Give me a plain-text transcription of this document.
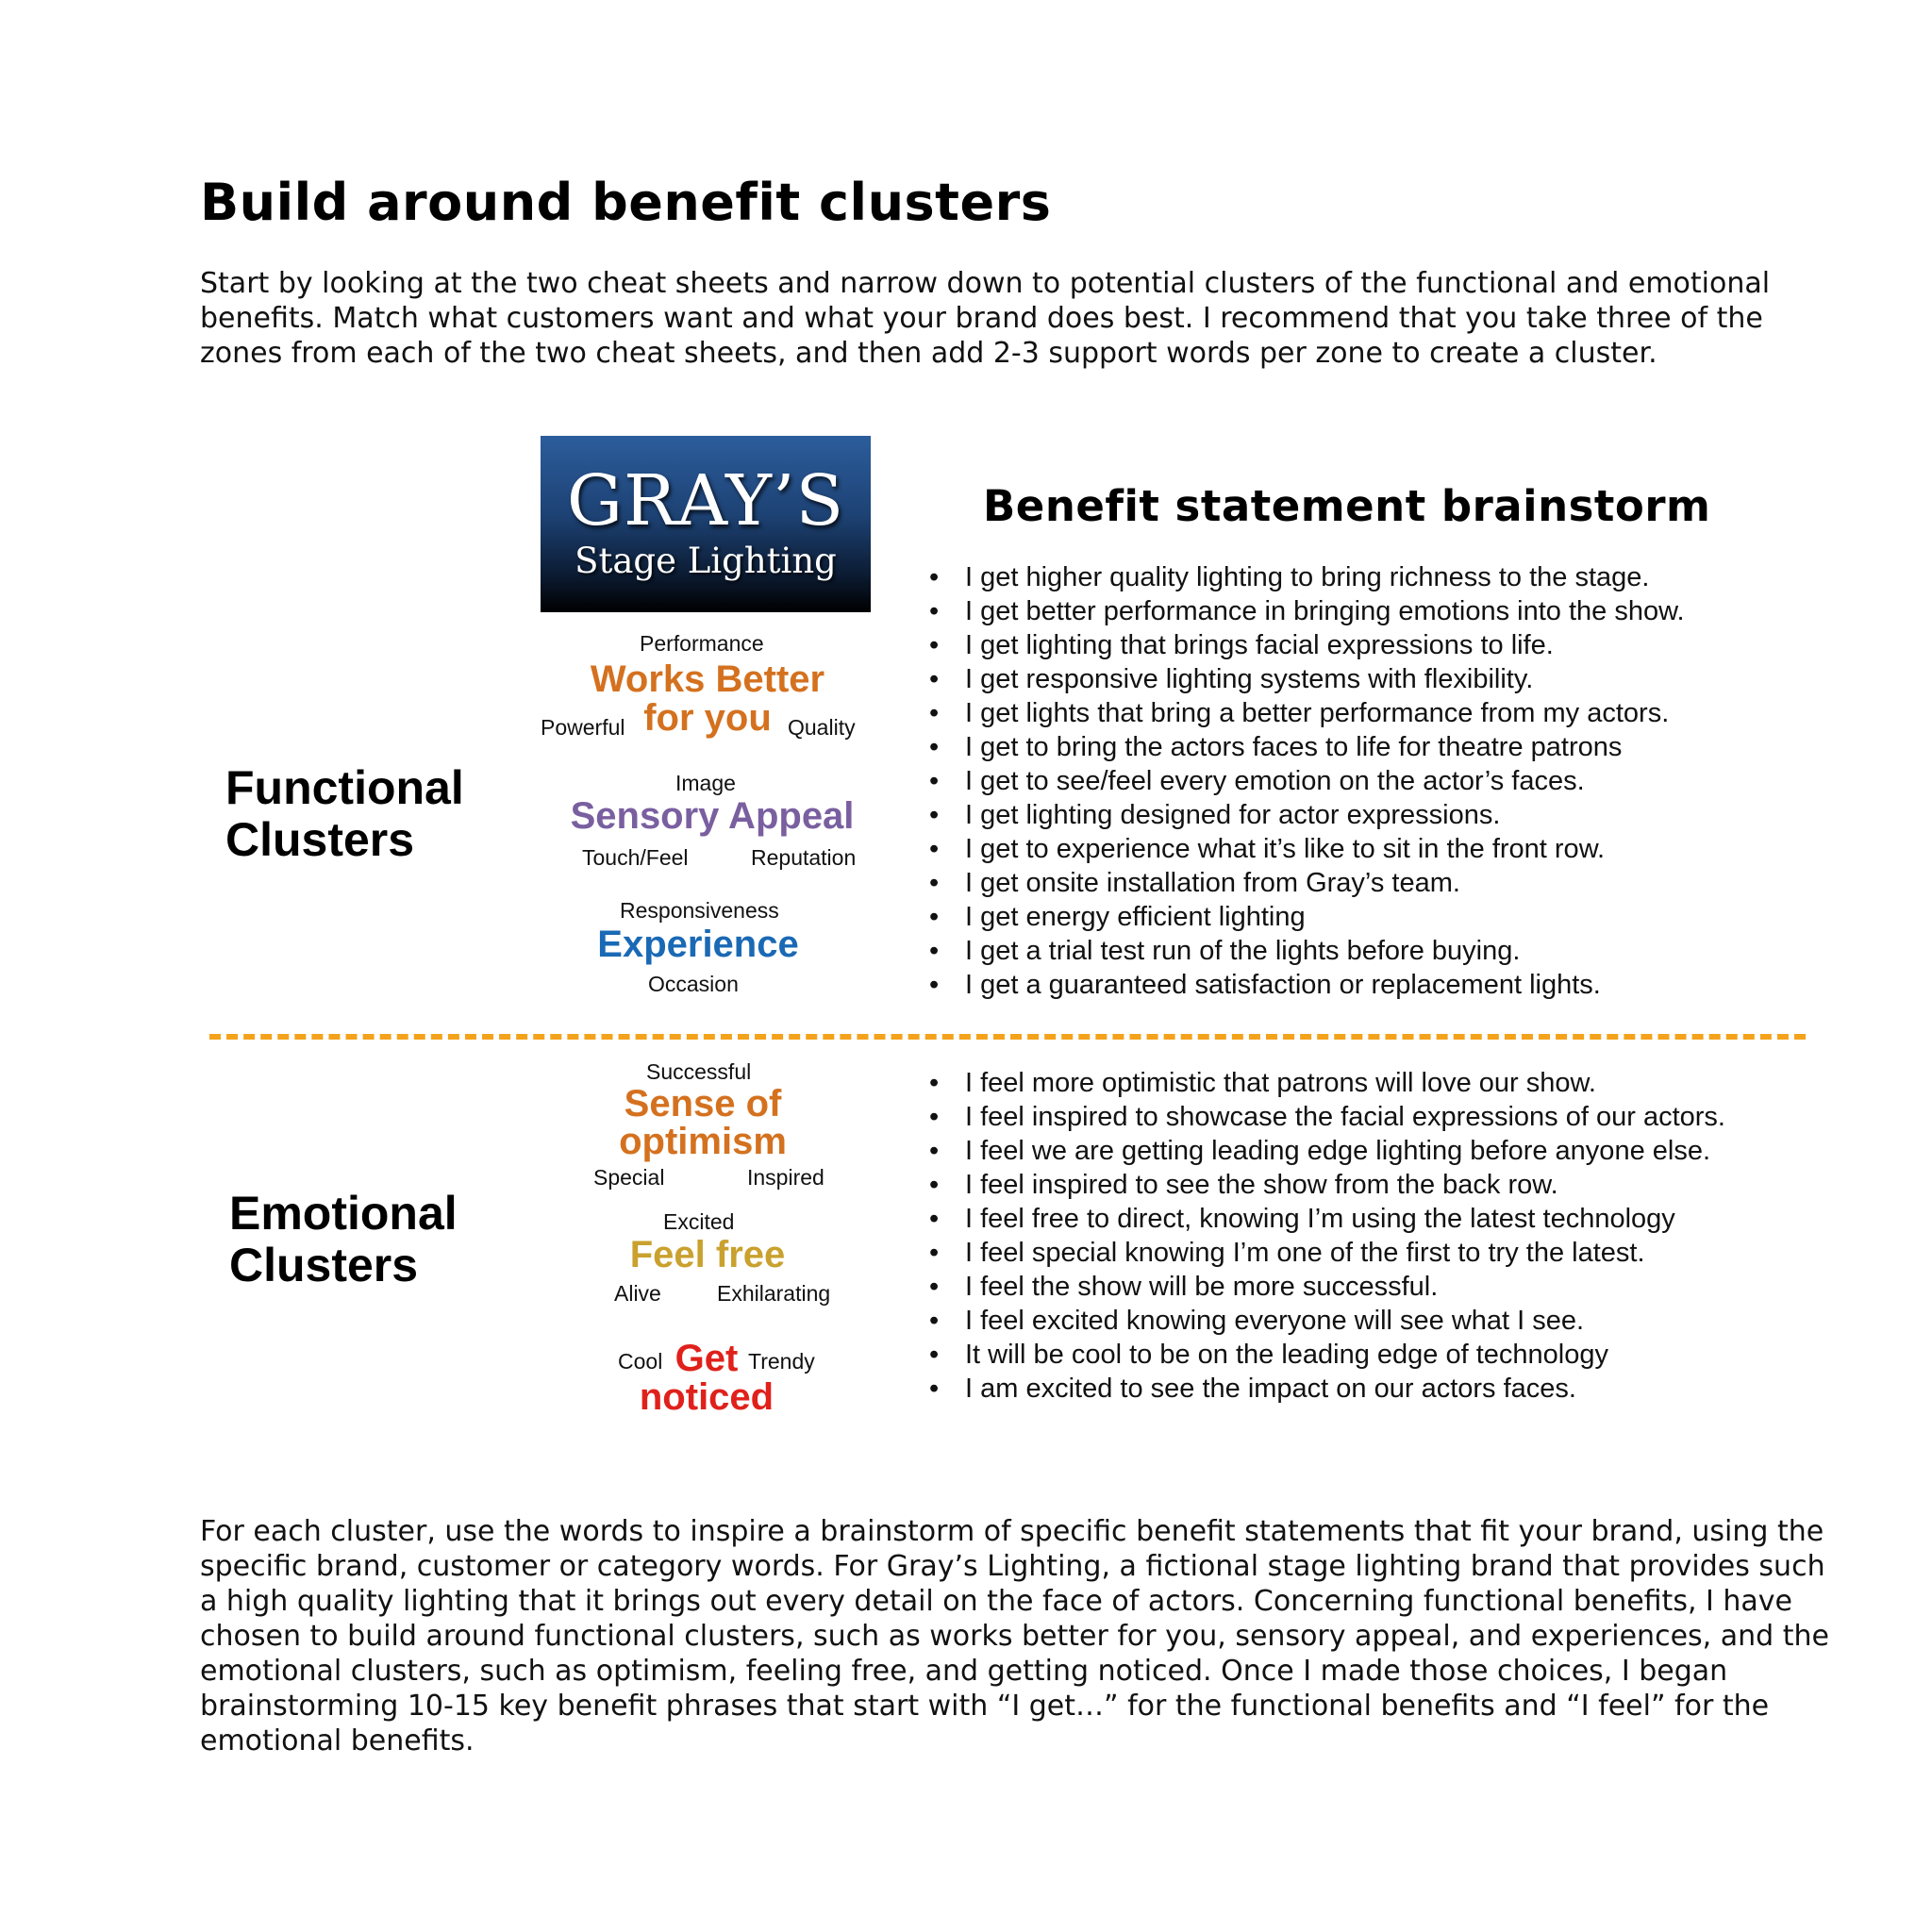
Build around benefit clusters

Start by looking at the two cheat sheets and narrow down to potential clusters of the functional and emotional benefits. Match what customers want and what your brand does best. I recommend that you take three of the zones from each of the two cheat sheets, and then add 2-3 support words per zone to create a cluster.

GRAY’S
Stage Lighting
Functional Clusters
Emotional Clusters
Performance
Works Better for you
Powerful	Quality
Image
Sensory Appeal
Touch/Feel	Reputation
Responsiveness
Experience
Occasion
Successful
Sense of optimism
Special	Inspired
Excited
Feel free
Alive	Exhilarating
Cool Get noticed
Trendy
Benefit statement brainstorm
• I get higher quality lighting to bring richness to the stage.
• I get better performance in bringing emotions into the show.
• I get lighting that brings facial expressions to life.
• I get responsive lighting systems with flexibility.
• I get lights that bring a better performance from my actors.
• I get to bring the actors faces to life for theatre patrons
• I get to see/feel every emotion on the actor’s faces.
• I get lighting designed for actor expressions.
• I get to experience what it’s like to sit in the front row.
• I get onsite installation from Gray’s team.
• I get energy efficient lighting
• I get a trial test run of the lights before buying.
• I get a guaranteed satisfaction or replacement lights.
• I feel more optimistic that patrons will love our show.
• I feel inspired to showcase the facial expressions of our actors.
• I feel we are getting leading edge lighting before anyone else.
• I feel inspired to see the show from the back row.
• I feel free to direct, knowing I’m using the latest technology
• I feel special knowing I’m one of the first to try the latest.
• I feel the show will be more successful.
• I feel excited knowing everyone will see what I see.
• It will be cool to be on the leading edge of technology
• I am excited to see the impact on our actors faces.

For each cluster, use the words to inspire a brainstorm of specific benefit statements that fit your brand, using the specific brand, customer or category words. For Gray’s Lighting, a fictional stage lighting brand that provides such a high quality lighting that it brings out every detail on the face of actors. Concerning functional benefits, I have chosen to build around functional clusters, such as works better for you, sensory appeal, and experiences, and the emotional clusters, such as optimism, feeling free, and getting noticed. Once I made those choices, I began brainstorming 10-15 key benefit phrases that start with “I get…” for the functional benefits and “I feel” for the emotional benefits.
